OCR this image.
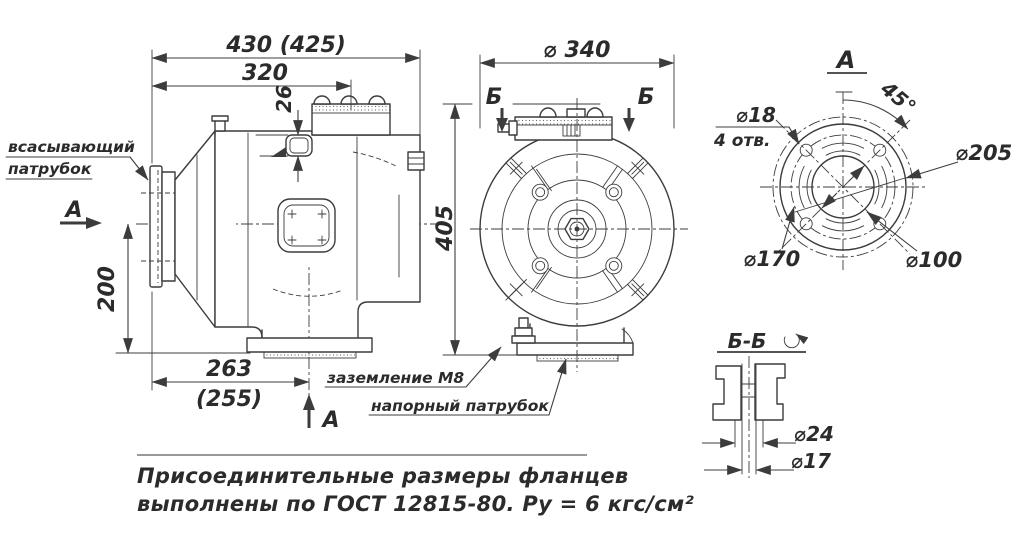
430 (425)
320
26
200
263
(255)
всасывающий
патрубок
А
А
⌀ 340
405
Б	Б
заземление М8
напорный патрубок
А
45°
⌀18
4 отв.	⌀205
⌀170	⌀100
Б-Б
⌀24
⌀17
Присоединительные размеры фланцев
выполнены по ГОСТ 12815-80. Ру = 6 кгс/см²
